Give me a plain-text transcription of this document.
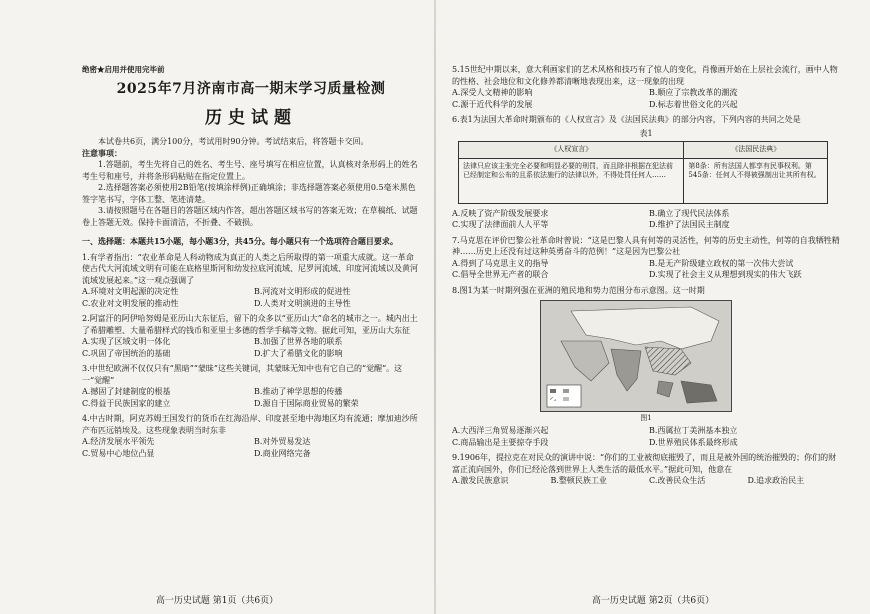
绝密★启用并使用完毕前
2025年7月济南市高一期末学习质量检测
历史试题
本试卷共6页，满分100分，考试用时90分钟。考试结束后，将答题卡交回。
注意事项：
1.答题前，考生先将自己的姓名、考生号、座号填写在相应位置，认真核对条形码上的姓名考生号和座号，并将条形码粘贴在指定位置上。
2.选择题答案必须使用2B铅笔(按填涂样例)正确填涂；非选择题答案必须使用0.5毫米黑色签字笔书写，字体工整、笔迹清楚。
3.请按照题号在各题目的答题区域内作答，超出答题区域书写的答案无效；在草稿纸、试题卷上答题无效。保持卡面清洁，不折叠、不破损。
一、选择题：本题共15小题，每小题3分，共45分。每小题只有一个选项符合题目要求。
1.有学者指出：“农业革命是人科动物成为真正的人类之后所取得的第一项重大成就。这一革命使古代大河流域文明有可能在底格里斯河和幼发拉底河流域、尼罗河流域、印度河流域以及黄河流域发展起来。”这一观点强调了
A.环境对文明起源的决定性	B.河流对文明形成的促进性
C.农业对文明发展的推动性	D.人类对文明演进的主导性
2.阿富汗的阿伊哈努姆是亚历山大东征后，留下的众多以“亚历山大”命名的城市之一。城内出土了希腊雕塑、大量希腊样式的钱币和亚里士多德的哲学手稿等文物。据此可知，亚历山大东征
A.实现了区域文明一体化	B.加强了世界各地的联系
C.巩固了帝国统治的基础	D.扩大了希腊文化的影响
3.中世纪欧洲不仅仅只有“黑暗”“蒙昧”这些关键词，其蒙昧无知中也有它自己的“觉醒”。这一“觉醒”
A.撼固了封建制度的根基	B.推动了神学思想的传播
C.得益于民族国家的建立	D.源自于国际商业贸易的繁荣
4.中古时期，阿克苏姆王国发行的货币在红海沿岸、印度甚至地中海地区均有流通；摩加迪沙所产布匹远销埃及。这些现象表明当时东非
A.经济发展水平领先	B.对外贸易发达
C.贸易中心地位凸显	D.商业网络完备
高一历史试题 第1页（共6页）
5.15世纪中期以来，意大利画家们的艺术风格和技巧有了惊人的变化，肖像画开始在上层社会流行，画中人物的性格、社会地位和文化修养都清晰地表现出来，这一现象的出现
A.深受人文精神的影响	B.顺应了宗教改革的潮流
C.源于近代科学的发展	D.标志着世俗文化的兴起
6.表1为法国大革命时期颁布的《人权宣言》及《法国民法典》的部分内容，下列内容的共同之处是
表1
《人权宣言》	《法国民法典》
法律只应该主张完全必要和明显必要的刑罚，而且除非根据在犯法前已经制定和公布的且系依法施行的法律以外，不得处罚任何人……	第8条：所有法国人都享有民事权利。第545条：任何人不得被强制出让其所有权。
A.反映了资产阶级发展要求	B.确立了现代民法体系
C.实现了法律面前人人平等	D.维护了法国民主制度
7.马克思在评价巴黎公社革命时曾说：“这是巴黎人具有何等的灵活性，何等的历史主动性，何等的自我牺牲精神……历史上还没有过这种英勇奋斗的范例！”这是因为巴黎公社
A.得到了马克思主义的指导	B.是无产阶级建立政权的第一次伟大尝试
C.倡导全世界无产者的联合	D.实现了社会主义从理想到现实的伟大飞跃
8.图1为某一时期列强在亚洲的殖民地和势力范围分布示意图。这一时期
图1
A.大西洋三角贸易逐渐兴起	B.西属拉丁美洲基本独立
C.商品输出是主要掠夺手段	D.世界殖民体系最终形成
9.1906年，提拉克在对民众的演讲中说：“你们的工业被彻底摧毁了，而且是被外国的统治摧毁的；你们的财富正流向国外，你们已经沦落到世界上人类生活的最低水平。”据此可知，他意在
A.激发民族意识	B.整顿民族工业	C.改善民众生活	D.追求政治民主
高一历史试题 第2页（共6页）
